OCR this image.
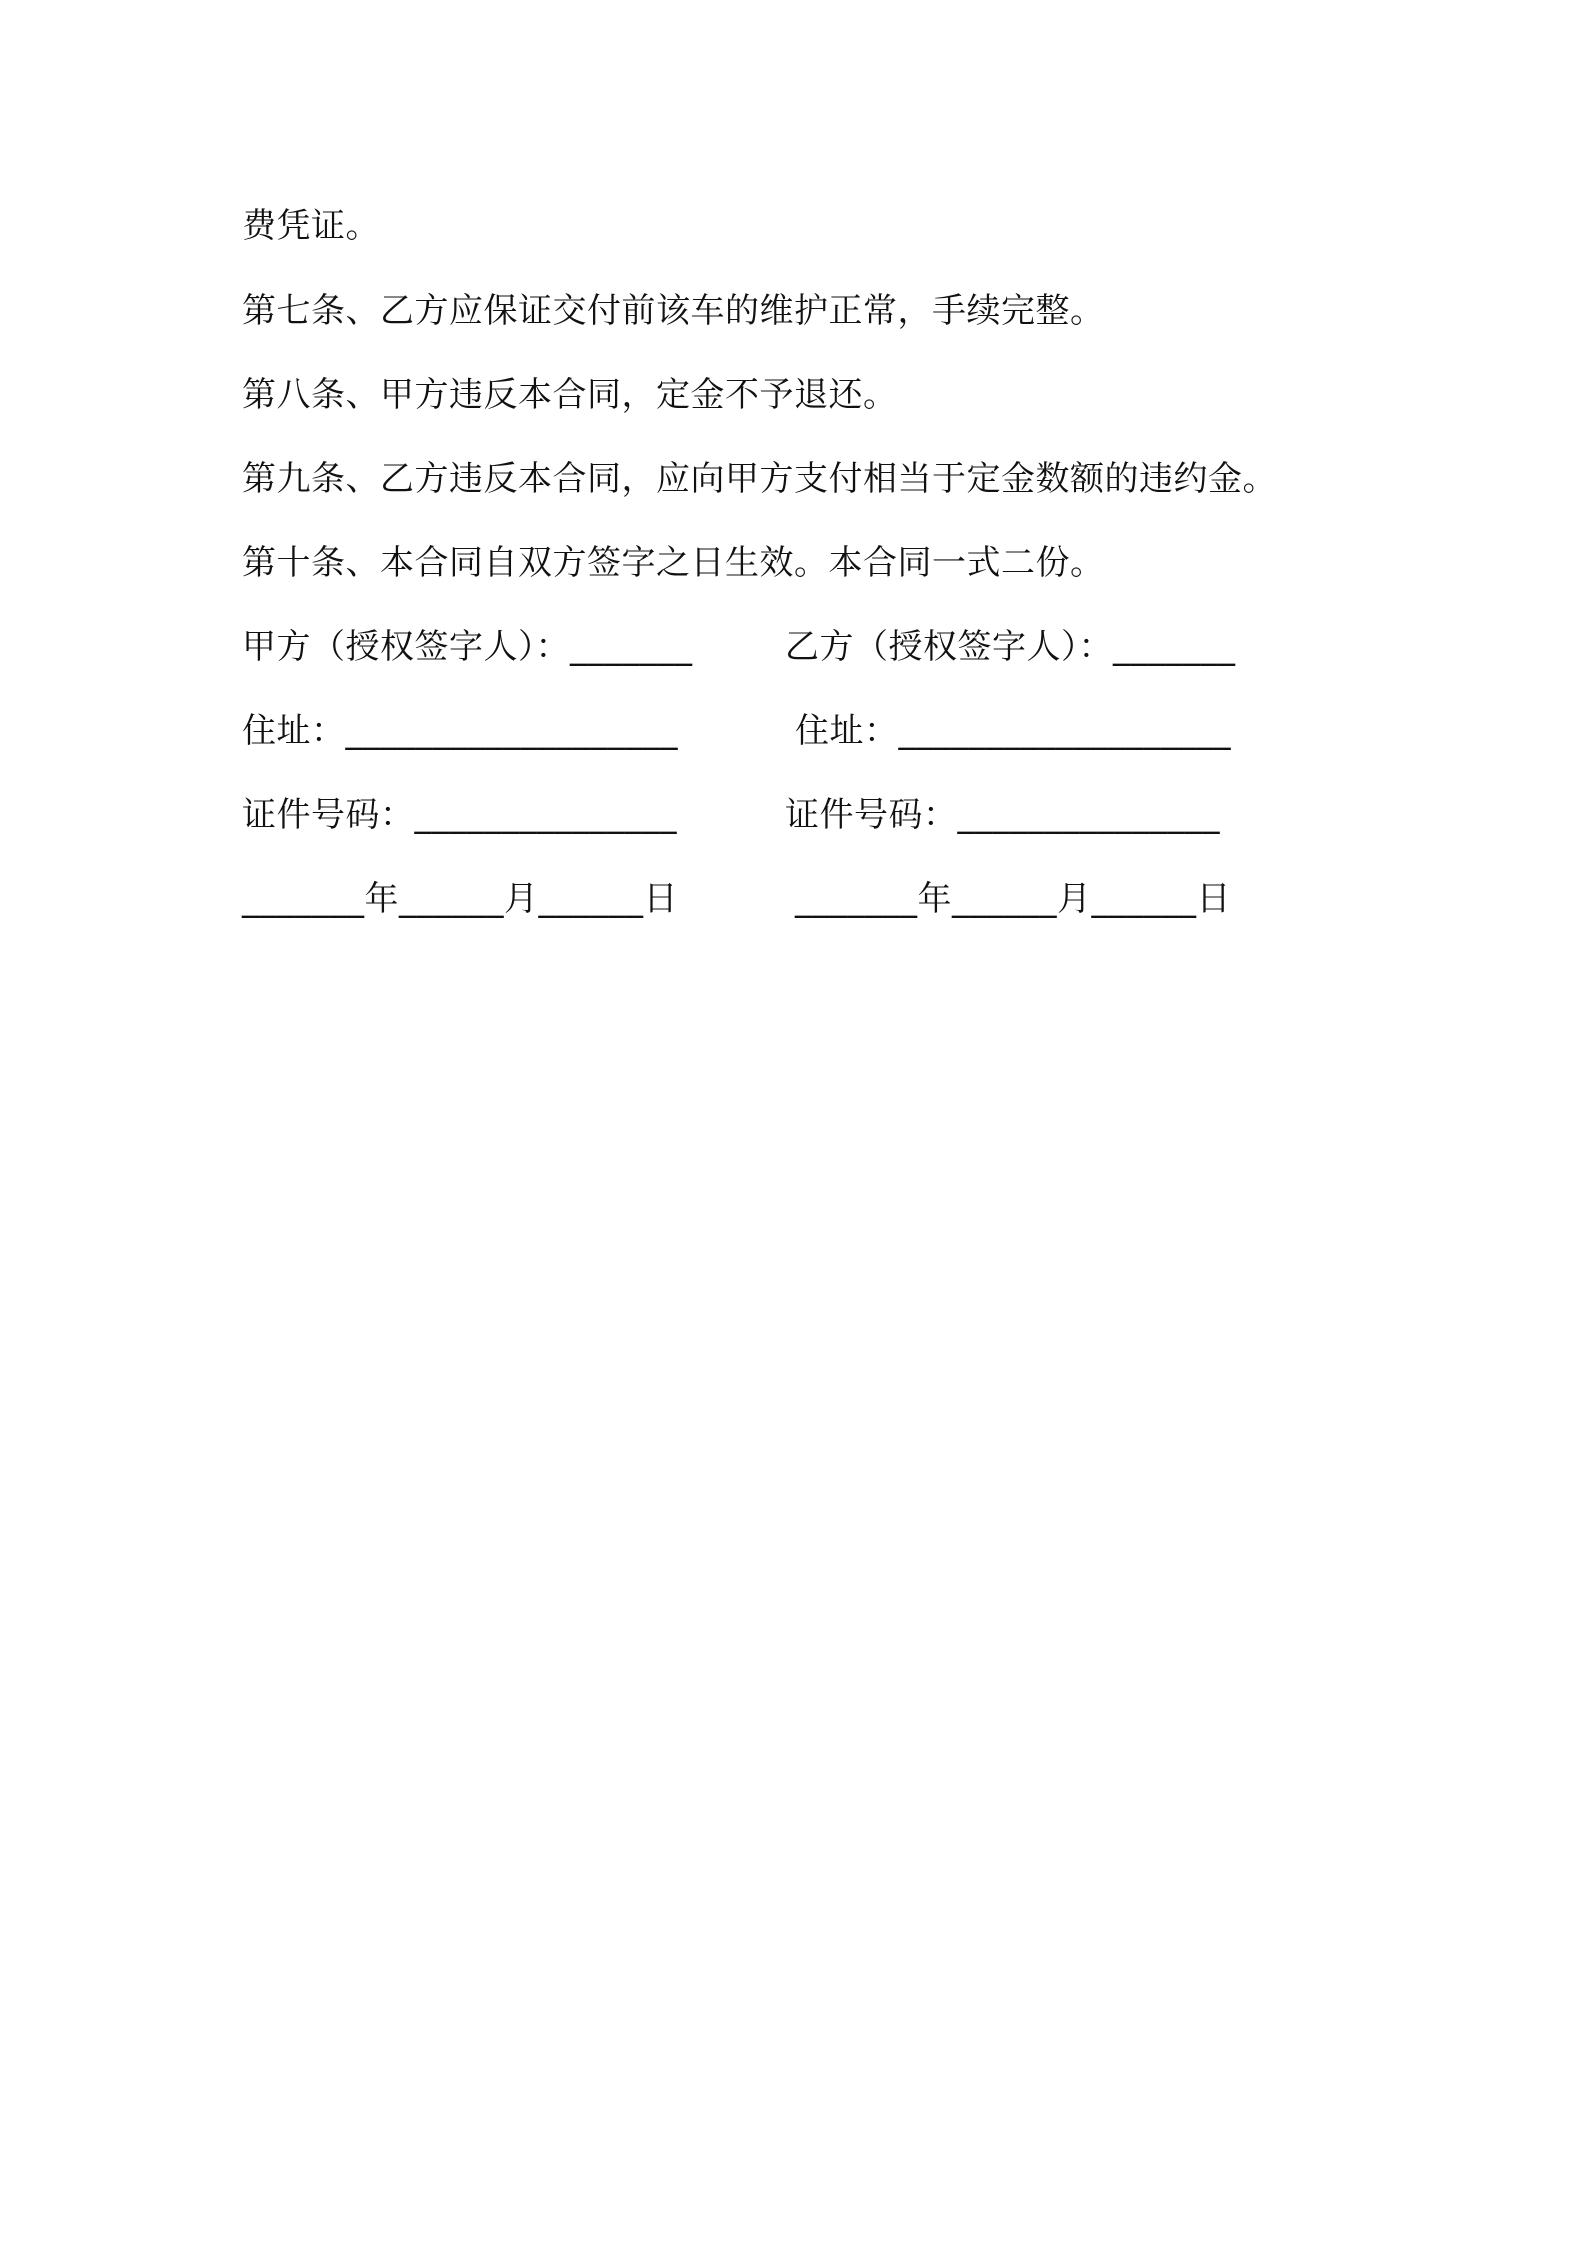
费凭证。
第七条、乙方应保证交付前该车的维护正常，手续完整。
第八条、甲方违反本合同，定金不予退还。
第九条、乙方违反本合同，应向甲方支付相当于定金数额的违约金。
第十条、本合同自双方签字之日生效。本合同一式二份。
甲方（授权签字人）：_______	乙方（授权签字人）：_______
住址：___________________	住址：___________________
证件号码：_______________	证件号码：_______________
_______年______月______日	_______年______月______日
